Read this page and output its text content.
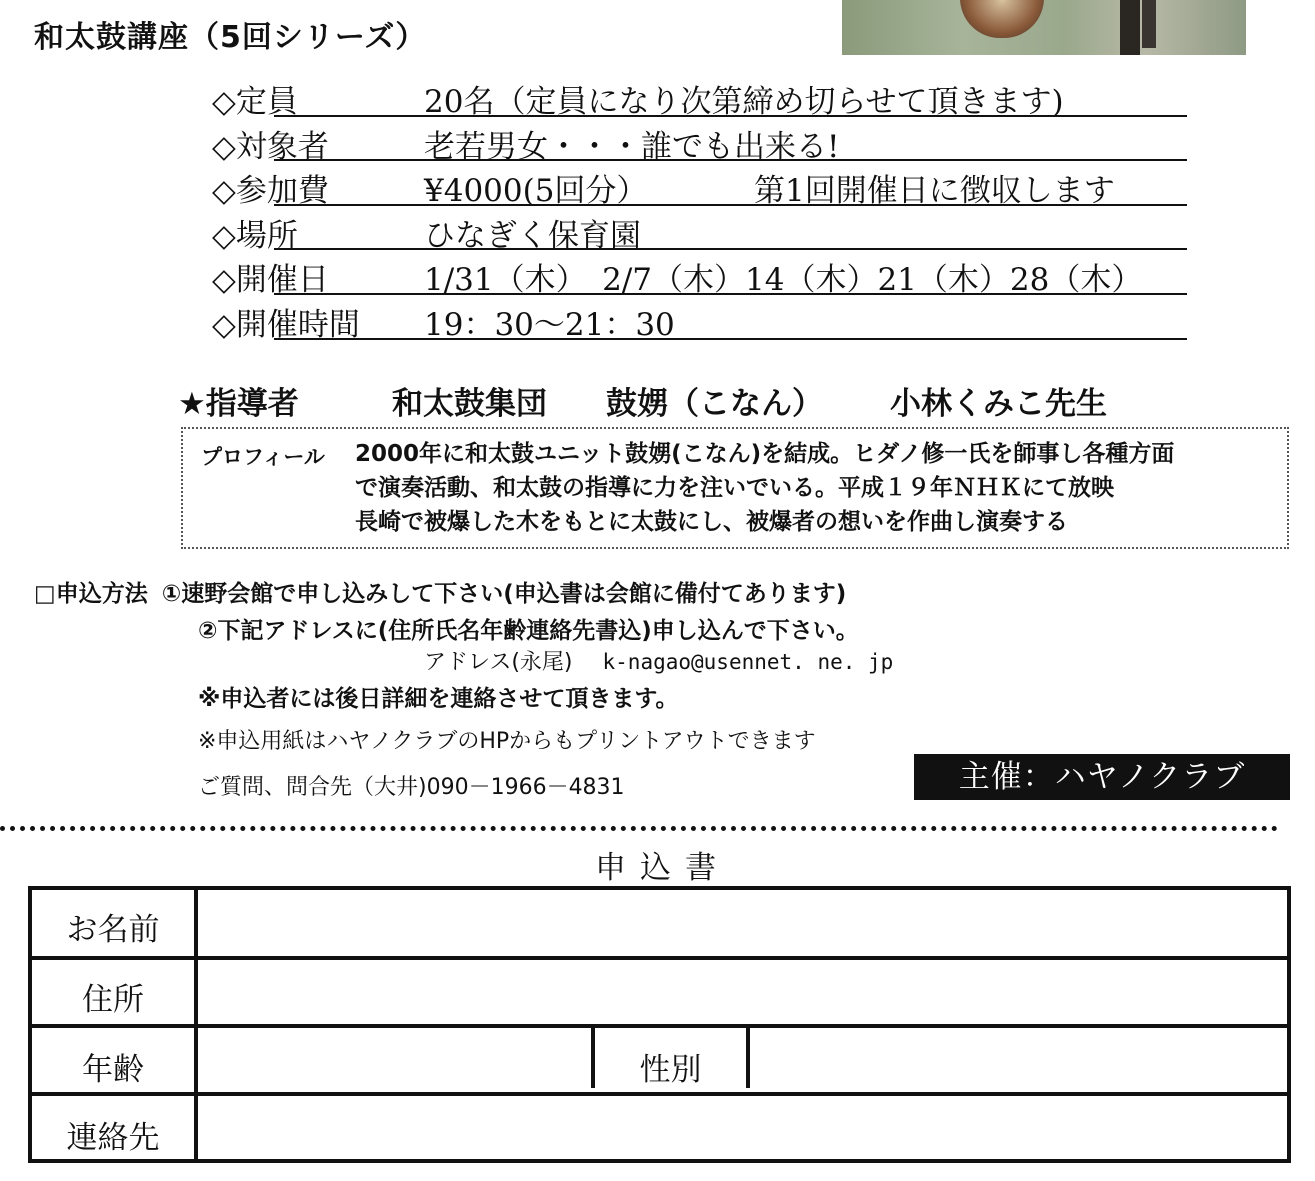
和太鼓講座（5回シリーズ）
◇定員	20名（定員になり次第締め切らせて頂きます)
◇対象者	老若男女・・・誰でも出来る!
◇参加費	¥4000(5回分）	第1回開催日に徴収します
◇場所	ひなぎく保育園
◇開催日	1/31（木）　2/7（木）14（木）21（木）28（木）
◇開催時間 19：30～21：30
★指導者	和太鼓集団 鼓娚（こなん） 小林くみこ先生
プロフィール 2000年に和太鼓ユニット鼓娚(こなん)を結成。ヒダノ修一氏を師事し各種方面
で演奏活動、和太鼓の指導に力を注いでいる。平成１９年ＮＨＫにて放映
長崎で被爆した木をもとに太鼓にし、被爆者の想いを作曲し演奏する
□申込方法 ①速野会館で申し込みして下さい(申込書は会館に備付てあります)
②下記アドレスに(住所氏名年齢連絡先書込)申し込んで下さい。
アドレス(永尾) k-nagao@usennet. ne. jp
※申込者には後日詳細を連絡させて頂きます。
※申込用紙はハヤノクラブのHPからもプリントアウトできます
ご質問、問合先（大井)090－1966－4831	主催：ハヤノクラブ
申込書
お名前
住所
年齢	性別
連絡先
